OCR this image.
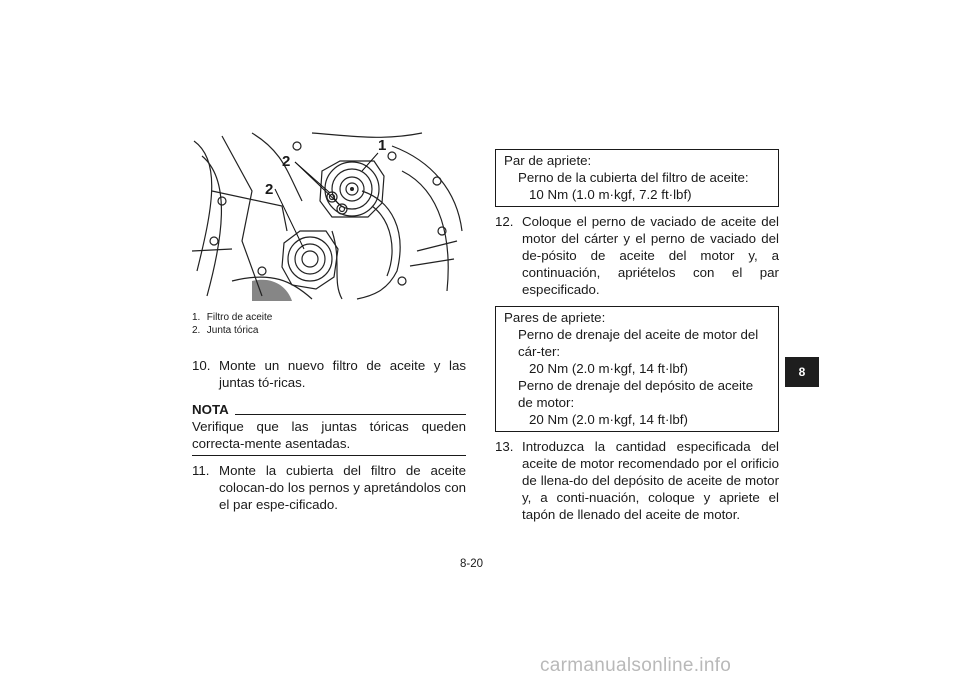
1
2
2
1. Filtro de aceite
2. Junta tórica
10. Monte un nuevo filtro de aceite y las juntas tó-ricas.
NOTA
Verifique que las juntas tóricas queden correcta-mente asentadas.
11. Monte la cubierta del filtro de aceite colocan-do los pernos y apretándolos con el par espe-cificado.
Par de apriete:
Perno de la cubierta del filtro de aceite:
10 Nm (1.0 m·kgf, 7.2 ft·lbf)
12. Coloque el perno de vaciado de aceite del motor del cárter y el perno de vaciado del de-pósito de aceite del motor y, a continuación, apriételos con el par especificado.
Pares de apriete:
Perno de drenaje del aceite de motor del cár-ter:
20 Nm (2.0 m·kgf, 14 ft·lbf)
Perno de drenaje del depósito de aceite de motor:
20 Nm (2.0 m·kgf, 14 ft·lbf)
13. Introduzca la cantidad especificada del aceite de motor recomendado por el orificio de llena-do del depósito de aceite de motor y, a conti-nuación, coloque y apriete el tapón de llenado del aceite de motor.
8
8-20
carmanualsonline.info
